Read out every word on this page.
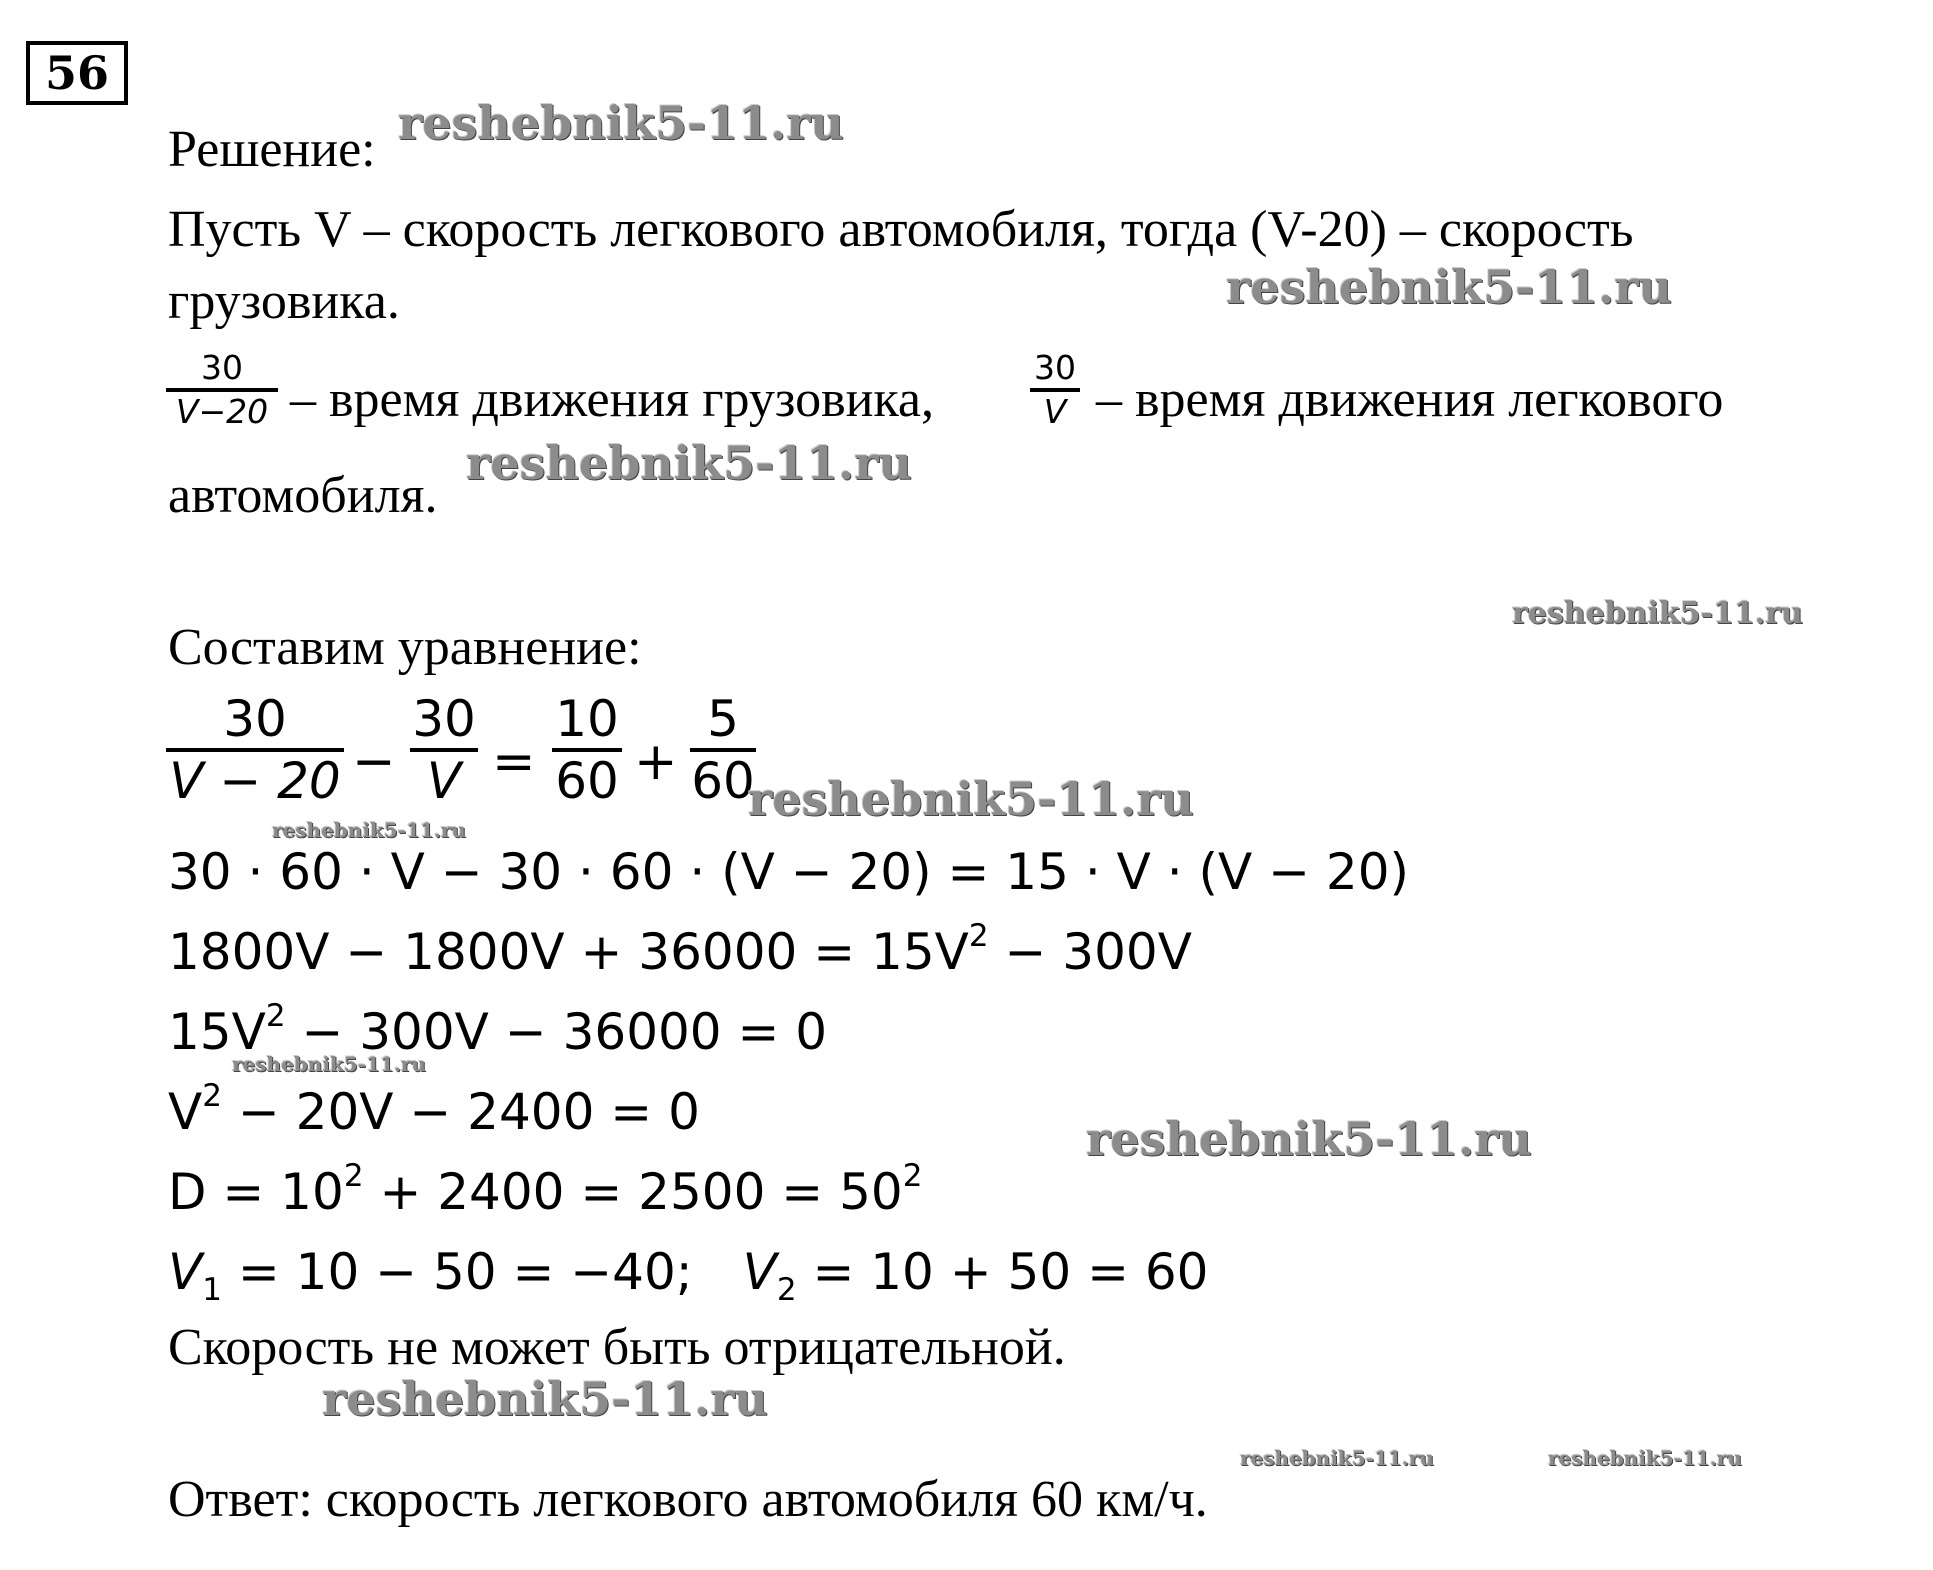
56
Решение:
Пусть V – скорость легкового автомобиля, тогда (V-20) – скорость
грузовика.
30
V−20 – время движения грузовика,
30
V – время движения легкового
автомобиля.
Составим уравнение:
30
V − 20 −
30
V =
10
60 +
5
60
30 · 60 · V − 30 · 60 · (V − 20) = 15 · V · (V − 20)
$1800V - 1800V + 36000 = 15V^2 - 300V$
$15V^2 - 300V - 36000 = 0$
$V^2 - 20V - 2400 = 0$
$D = 10^2 + 2400 = 2500 = 50^2$
$V_1 = 10 - 50 = -40$; $V_2 = 10 + 50 = 60$
Скорость не может быть отрицательной.
Ответ: скорость легкового автомобиля 60 км/ч.
reshebnik5-11.ru
reshebnik5-11.ru
reshebnik5-11.ru
reshebnik5-11.ru
reshebnik5-11.ru
reshebnik5-11.ru
reshebnik5-11.ru
reshebnik5-11.ru
reshebnik5-11.ru
reshebnik5-11.ru	reshebnik5-11.ru
